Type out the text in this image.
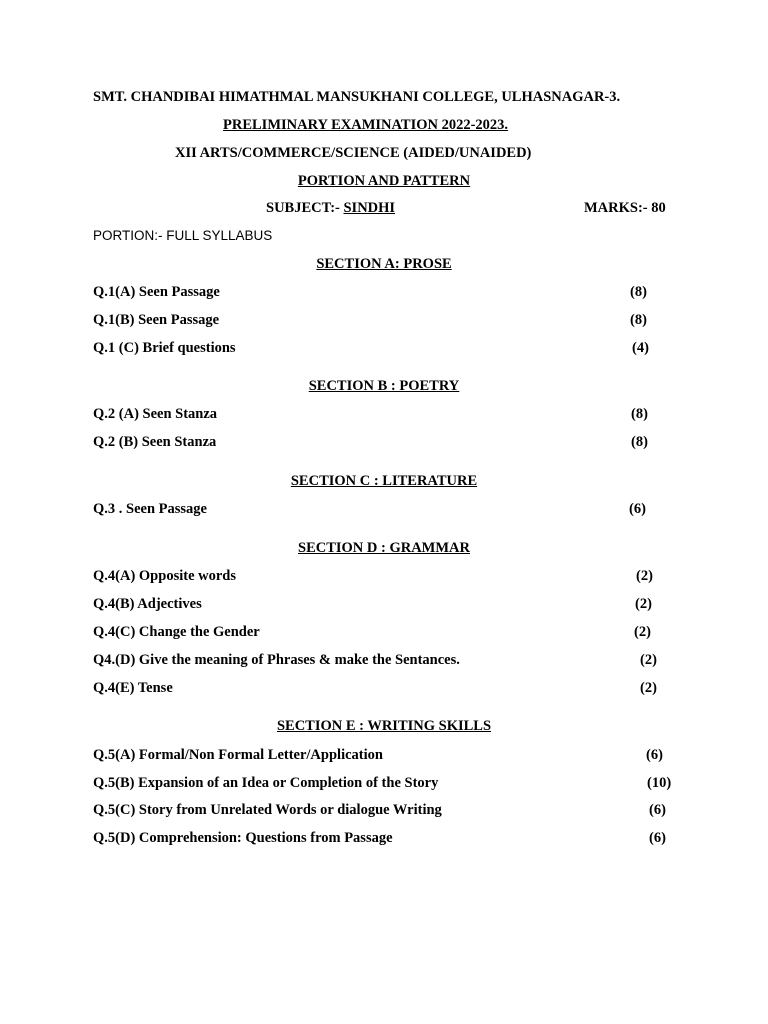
SMT. CHANDIBAI HIMATHMAL MANSUKHANI COLLEGE, ULHASNAGAR-3.
PRELIMINARY EXAMINATION 2022-2023.
XII ARTS/COMMERCE/SCIENCE (AIDED/UNAIDED)
PORTION AND PATTERN
SUBJECT:- SINDHI	MARKS:- 80
PORTION:- FULL SYLLABUS
SECTION A: PROSE
Q.1(A) Seen Passage	(8)
Q.1(B) Seen Passage	(8)
Q.1 (C) Brief questions	(4)
SECTION B : POETRY
Q.2 (A) Seen Stanza	(8)
Q.2 (B) Seen Stanza	(8)
SECTION C : LITERATURE
Q.3 . Seen Passage	(6)
SECTION D : GRAMMAR
Q.4(A) Opposite words	(2)
Q.4(B) Adjectives	(2)
Q.4(C) Change the Gender	(2)
Q4.(D) Give the meaning of Phrases & make the Sentances.	(2)
Q.4(E) Tense	(2)
SECTION E : WRITING SKILLS
Q.5(A) Formal/Non Formal Letter/Application	(6)
Q.5(B) Expansion of an Idea or Completion of the Story	(10)
Q.5(C) Story from Unrelated Words or dialogue Writing	(6)
Q.5(D) Comprehension: Questions from Passage	(6)
